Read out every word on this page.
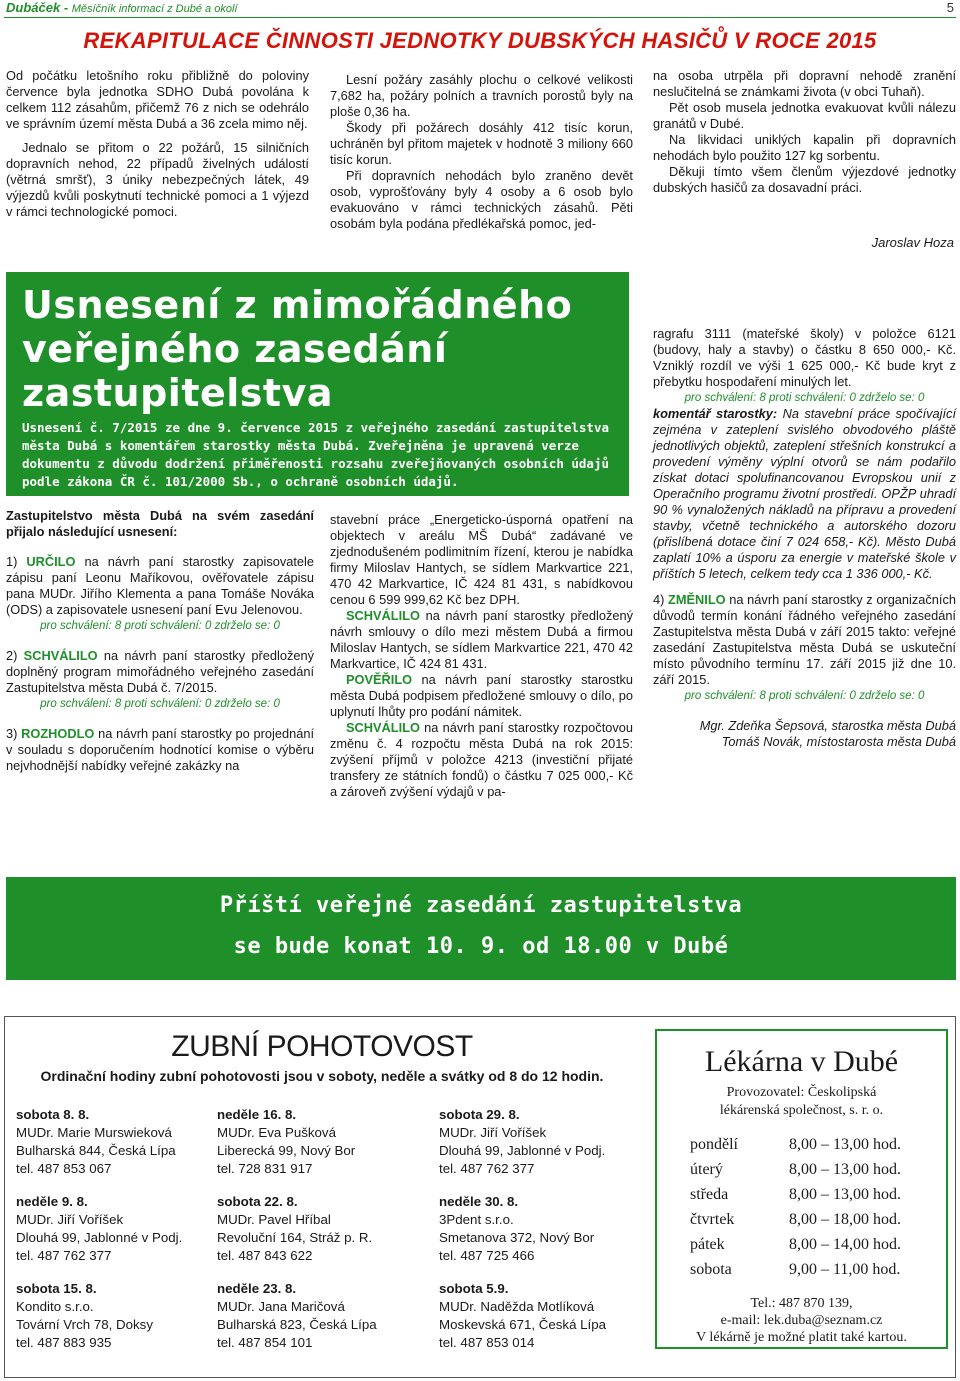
Dubáček - Měsíčník informací z Dubé a okolí	5
REKAPITULACE ČINNOSTI JEDNOTKY DUBSKÝCH HASIČŮ V ROCE 2015

Od počátku letošního roku přibližně do poloviny července byla jednotka SDHO Dubá povolána k celkem 112 zásahům, přičemž 76 z nich se odehrálo ve správním území města Dubá a 36 zcela mimo něj.

Jednalo se přitom o 22 požárů, 15 silničních dopravních nehod, 22 případů živelných událostí (větrná smršť), 3 úniky nebezpečných látek, 49 výjezdů kvůli poskytnutí technické pomoci a 1 výjezd v rámci technologické pomoci.

Lesní požáry zasáhly plochu o celkové velikosti 7,682 ha, požáry polních a travních porostů byly na ploše 0,36 ha.

Škody při požárech dosáhly 412 tisíc korun, uchráněn byl přitom majetek v hodnotě 3 miliony 660 tisíc korun.

Při dopravních nehodách bylo zraněno devět osob, vyprošťovány byly 4 osoby a 6 osob bylo evakuováno v rámci technických zásahů. Pěti osobám byla podána předlékařská pomoc, jed-

na osoba utrpěla při dopravní nehodě zranění neslučitelná se známkami života (v obci Tuhaň).

Pět osob musela jednotka evakuovat kvůli nálezu granátů v Dubé.

Na likvidaci uniklých kapalin při dopravních nehodách bylo použito 127 kg sorbentu.

Děkuji tímto všem členům výjezdové jednotky dubských hasičů za dosavadní práci.

Jaroslav Hoza
Usnesení z mimořádného
veřejného zasedání
zastupitelstva
Usnesení č. 7/2015 ze dne 9. července 2015 z veřejného zasedání zastupitelstva města Dubá s komentářem starostky města Dubá. Zveřejněna je upravená verze dokumentu z důvodu dodržení přiměřenosti rozsahu zveřejňovaných osobních údajů podle zákona ČR č. 101/2000 Sb., o ochraně osobních údajů.

Zastupitelstvo města Dubá na svém zasedání přijalo následující usnesení:

1) URČILO na návrh paní starostky zapisovatele zápisu paní Leonu Maříkovou, ověřovatele zápisu pana MUDr. Jiřího Klementa a pana Tomáše Nováka (ODS) a zapisovatele usnesení paní Evu Jelenovou.

pro schválení: 8 proti schválení: 0 zdrželo se: 0

2) SCHVÁLILO na návrh paní starostky předložený doplněný program mimořádného veřejného zasedání Zastupitelstva města Dubá č. 7/2015.

pro schválení: 8 proti schválení: 0 zdrželo se: 0

3) ROZHODLO na návrh paní starostky po projednání v souladu s doporučením hodnotící komise o výběru nejvhodnější nabídky veřejné zakázky na

stavební práce „Energeticko-úsporná opatření na objektech v areálu MŠ Dubá“ zadávané ve zjednodušeném podlimitním řízení, kterou je nabídka firmy Miloslav Hantych, se sídlem Markvartice 221, 470 42 Markvartice, IČ 424 81 431, s nabídkovou cenou 6 599 999,62 Kč bez DPH.

SCHVÁLILO na návrh paní starostky předložený návrh smlouvy o dílo mezi městem Dubá a firmou Miloslav Hantych, se sídlem Markvartice 221, 470 42 Markvartice, IČ 424 81 431.

POVĚŘILO na návrh paní starostky starostku města Dubá podpisem předložené smlouvy o dílo, po uplynutí lhůty pro podání námitek.

SCHVÁLILO na návrh paní starostky rozpočtovou změnu č. 4 rozpočtu města Dubá na rok 2015: zvýšení příjmů v položce 4213 (investiční přijaté transfery ze státních fondů) o částku 7 025 000,- Kč a zároveň zvýšení výdajů v pa-

ragrafu 3111 (mateřské školy) v položce 6121 (budovy, haly a stavby) o částku 8 650 000,- Kč. Vzniklý rozdíl ve výši 1 625 000,- Kč bude kryt z přebytku hospodaření minulých let.

pro schválení: 8 proti schválení: 0 zdrželo se: 0

komentář starostky: Na stavební práce spočívající zejména v zateplení svislého obvodového pláště jednotlivých objektů, zateplení střešních konstrukcí a provedení výměny výplní otvorů se nám podařilo získat dotaci spolufinancovanou Evropskou unií z Operačního programu životní prostředí. OPŽP uhradí 90 % vynaložených nákladů na přípravu a provedení stavby, včetně technického a autorského dozoru (přislíbená dotace činí 7 024 658,- Kč). Město Dubá zaplatí 10% a úsporu za energie v mateřské škole v příštích 5 letech, celkem tedy cca 1 336 000,- Kč.

4) ZMĚNILO na návrh paní starostky z organizačních důvodů termín konání řádného veřejného zasedání Zastupitelstva města Dubá v září 2015 takto: veřejné zasedání Zastupitelstva města Dubá se uskuteční místo původního termínu 17. září 2015 již dne 10. září 2015.

pro schválení: 8 proti schválení: 0 zdrželo se: 0

Mgr. Zdeňka Šepsová, starostka města Dubá

Tomáš Novák, místostarosta města Dubá

Příští veřejné zasedání zastupitelstva
se bude konat 10. 9. od 18.00 v Dubé
ZUBNÍ POHOTOVOST
Ordinační hodiny zubní pohotovosti jsou v soboty, neděle a svátky od 8 do 12 hodin.
sobota 8. 8.
MUDr. Marie Murswieková
Bulharská 844, Česká Lípa
tel. 487 853 067
neděle 9. 8.
MUDr. Jiří Voříšek
Dlouhá 99, Jablonné v Podj.
tel. 487 762 377
sobota 15. 8.
Kondito s.r.o.
Tovární Vrch 78, Doksy
tel. 487 883 935
neděle 16. 8.
MUDr. Eva Pušková
Liberecká 99, Nový Bor
tel. 728 831 917
sobota 22. 8.
MUDr. Pavel Hříbal
Revoluční 164, Stráž p. R.
tel. 487 843 622
neděle 23. 8.
MUDr. Jana Maričová
Bulharská 823, Česká Lípa
tel. 487 854 101
sobota 29. 8.
MUDr. Jiří Voříšek
Dlouhá 99, Jablonné v Podj.
tel. 487 762 377
neděle 30. 8.
3Pdent s.r.o.
Smetanova 372, Nový Bor
tel. 487 725 466
sobota 5.9.
MUDr. Naděžda Motlíková
Moskevská 671, Česká Lípa
tel. 487 853 014
Lékárna v Dubé
Provozovatel: Českolipská
lékárenská společnost, s. r. o.
pondělí	8,00 – 13,00 hod.
úterý	8,00 – 13,00 hod.
středa	8,00 – 13,00 hod.
čtvrtek	8,00 – 18,00 hod.
pátek	8,00 – 14,00 hod.
sobota	9,00 – 11,00 hod.
Tel.: 487 870 139,
e-mail: lek.duba@seznam.cz
V lékárně je možné platit také kartou.
